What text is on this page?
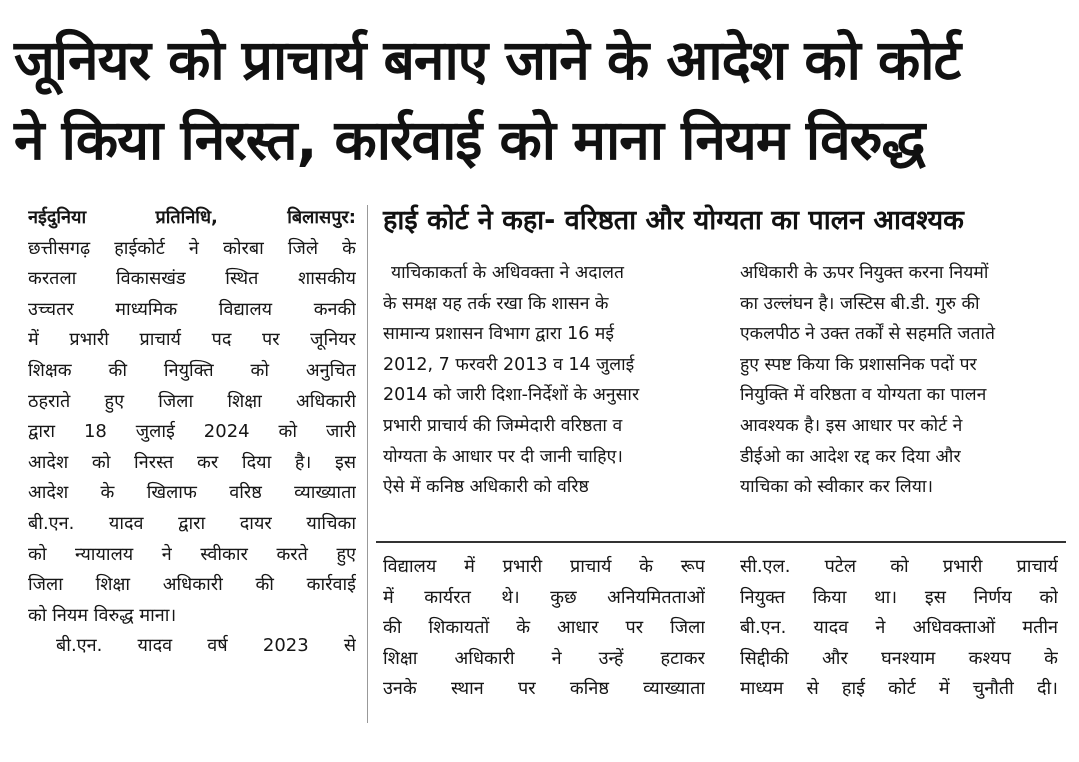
जूनियर को प्राचार्य बनाए जाने के आदेश को कोर्ट
ने किया निरस्त, कार्रवाई को माना नियम विरुद्ध

नईदुनिया प्रतिनिधि, बिलासपुर:

छत्तीसगढ़ हाईकोर्ट ने कोरबा जिले के

करतला विकासखंड स्थित शासकीय

उच्चतर माध्यमिक विद्यालय कनकी

में प्रभारी प्राचार्य पद पर जूनियर

शिक्षक की नियुक्ति को अनुचित

ठहराते हुए जिला शिक्षा अधिकारी

द्वारा 18 जुलाई 2024 को जारी

आदेश को निरस्त कर दिया है। इस

आदेश के खिलाफ वरिष्ठ व्याख्याता

बी.एन. यादव द्वारा दायर याचिका

को न्यायालय ने स्वीकार करते हुए

जिला शिक्षा अधिकारी की कार्रवाई

को नियम विरुद्ध माना।

बी.एन. यादव वर्ष 2023 से

हाई कोर्ट ने कहा- वरिष्ठता और योग्यता का पालन आवश्यक

याचिकाकर्ता के अधिवक्ता ने अदालत

के समक्ष यह तर्क रखा कि शासन के

सामान्य प्रशासन विभाग द्वारा 16 मई

2012, 7 फरवरी 2013 व 14 जुलाई

2014 को जारी दिशा-निर्देशों के अनुसार

प्रभारी प्राचार्य की जिम्मेदारी वरिष्ठता व

योग्यता के आधार पर दी जानी चाहिए।

ऐसे में कनिष्ठ अधिकारी को वरिष्ठ

अधिकारी के ऊपर नियुक्त करना नियमों

का उल्लंघन है। जस्टिस बी.डी. गुरु की

एकलपीठ ने उक्त तर्कों से सहमति जताते

हुए स्पष्ट किया कि प्रशासनिक पदों पर

नियुक्ति में वरिष्ठता व योग्यता का पालन

आवश्यक है। इस आधार पर कोर्ट ने

डीईओ का आदेश रद्द कर दिया और

याचिका को स्वीकार कर लिया।

विद्यालय में प्रभारी प्राचार्य के रूप

में कार्यरत थे। कुछ अनियमितताओं

की शिकायतों के आधार पर जिला

शिक्षा अधिकारी ने उन्हें हटाकर

उनके स्थान पर कनिष्ठ व्याख्याता

सी.एल. पटेल को प्रभारी प्राचार्य

नियुक्त किया था। इस निर्णय को

बी.एन. यादव ने अधिवक्ताओं मतीन

सिद्दीकी और घनश्याम कश्यप के

माध्यम से हाई कोर्ट में चुनौती दी।
